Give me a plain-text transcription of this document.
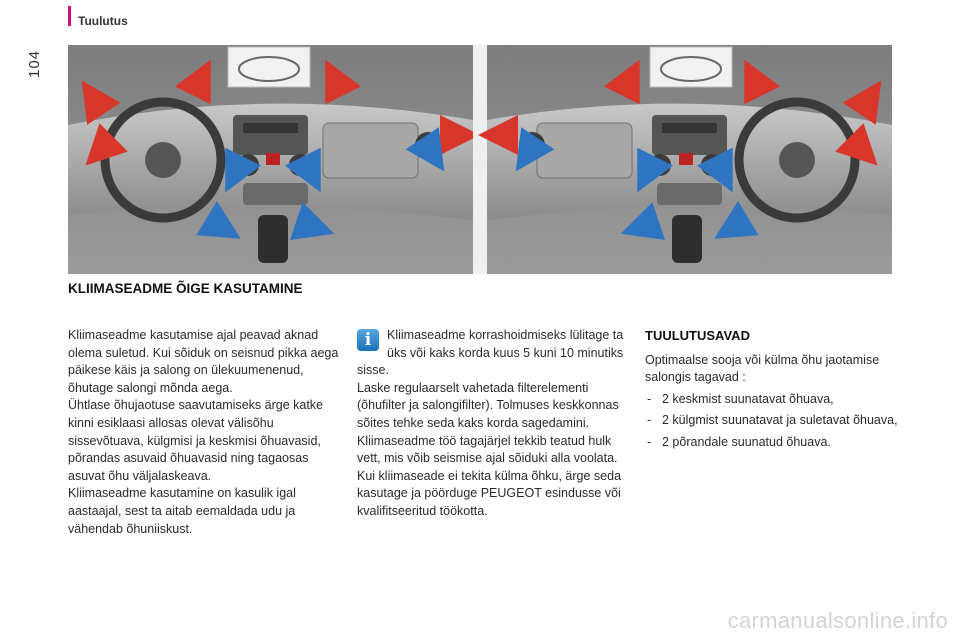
Tuulutus
104
KLIIMASEADME ÕIGE KASUTAMINE

Kliimaseadme kasutamise ajal peavad aknad olema suletud. Kui sõiduk on seisnud pikka aega päikese käis ja salong on ülekuumenenud, õhutage salongi mõnda aega.

Ühtlase õhujaotuse saavutamiseks ärge katke kinni esiklaasi allosas olevat välisõhu sissevõtuava, külgmisi ja keskmisi õhuavasid, põrandas asuvaid õhuavasid ning tagaosas asuvat õhu väljalaskeava.

Kliimaseadme kasutamine on kasulik igal aastaajal, sest ta aitab eemaldada udu ja vähendab õhuniiskust.

i	Kliimaseadme korrashoidmiseks lülitage ta üks või kaks korda kuus 5 kuni 10 minutiks sisse.

Laske regulaarselt vahetada filterelementi (õhufilter ja salongifilter). Tolmuses keskkonnas sõites tehke seda kaks korda sagedamini.

Kliimaseadme töö tagajärjel tekkib teatud hulk vett, mis võib seismise ajal sõiduki alla voolata.

Kui kliimaseade ei tekita külma õhku, ärge seda kasutage ja pöörduge PEUGEOT esindusse või kvalifitseeritud töökotta.

TUULUTUSAVAD

Optimaalse sooja või külma õhu jaotamise salongis tagavad :

- 2 keskmist suunatavat õhuava,
- 2 külgmist suunatavat ja suletavat õhuava,
- 2 põrandale suunatud õhuava.
carmanualsonline.info
